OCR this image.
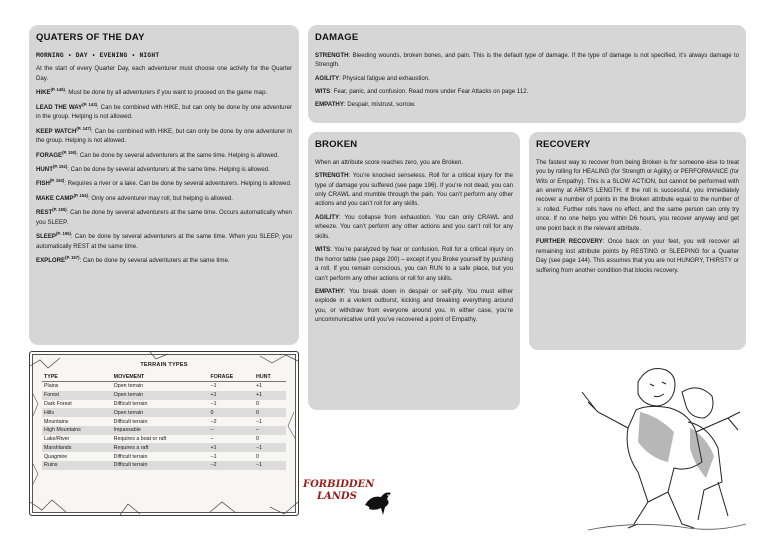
QUATERS OF THE DAY
MORNING • DAY • EVENING • NIGHT

At the start of every Quarter Day, each adventurer must choose one activity for the Quarter Day.

$HIKE^{(P. 146)}$: Must be done by all adventurers if you want to proceed on the game map.

LEAD THE $WAY^{(P. 143)}$: Can be combined with HIKE, but can only be done by one adventurer in the group. Helping is not allowed.

KEEP $WATCH^{(P. 147)}$: Can be combined with HIKE, but can only be done by one adventurer in the group. Helping is not allowed.

$FORAGE^{(P. 150)}$: Can be done by several adventurers at the same time. Helping is allowed.

$HUNT^{(P. 151)}$: Can be done by several adventurers at the same time. Helping is allowed.

$FISH^{(P. 153)}$: Requires a river or a lake. Can be done by several adventurers. Helping is allowed.

MAKE $CAMP^{(P. 154)}$: Only one adventurer may roll, but helping is allowed.

$REST^{(P. 155)}$: Can be done by several adventurers at the same time. Occurs automatically when you SLEEP.

$SLEEP^{(P. 156)}$: Can be done by several adventurers at the same time. When you SLEEP, you automatically REST at the same time.

$EXPLORE^{(P. 157)}$: Can be done by several adventurers at the same time.

DAMAGE

STRENGTH: Bleeding wounds, broken bones, and pain. This is the default type of damage. If the type of damage is not specified, it’s always damage to Strength.

AGILITY: Physical fatigue and exhaustion.

WITS: Fear, panic, and confusion. Read more under Fear Attacks on page 112.

EMPATHY: Despair, mistrust, sorrow.

BROKEN

When an attribute score reaches zero, you are Broken.

STRENGTH: You’re knocked senseless. Roll for a critical injury for the type of damage you suffered (see page 196). If you’re not dead, you can only CRAWL and mumble through the pain. You can’t perform any other actions and you can’t roll for any skills.

AGILITY: You collapse from exhaustion. You can only CRAWL and wheeze. You can’t perform any other actions and you can’t roll for any skills.

WITS: You’re paralyzed by fear or confusion. Roll for a critical injury on the horror table (see page 200) – except if you Broke yourself by pushing a roll. If you remain conscious, you can RUN to a safe place, but you can’t perform any other actions or roll for any skills.

EMPATHY: You break down in despair or self-pity. You must either explode in a violent outburst, kicking and breaking everything around you, or withdraw from everyone around you. In either case, you’re uncommunicative until you’ve recovered a point of Empathy.

RECOVERY

The fastest way to recover from being Broken is for someone else to treat you by rolling for HEALING (for Strength or Agility) or PERFORMANCE (for Wits or Empathy). This is a SLOW ACTION, but cannot be performed with an enemy at ARM’S LENGTH. If the roll is successful, you immediately recover a number of points in the Broken attribute equal to the number of ⚔ rolled. Further rolls have no effect, and the same person can only try once. If no one helps you within D6 hours, you recover anyway and get one point back in the relevant attribute.

FURTHER RECOVERY: Once back on your feet, you will recover all remaining lost attribute points by RESTING or SLEEPING for a Quarter Day (see page 144). This assumes that you are not HUNGRY, THIRSTY or suffering from another condition that blocks recovery.

TERRAIN TYPES
TYPE	MOVEMENT	FORAGE	HUNT
Plains	Open terrain	−1	+1
Forest	Open terrain	+1	+1
Dark Forest	Difficult terrain	−1	0
Hills	Open terrain	0	0
Mountains	Difficult terrain	−2	−1
High Mountains	Impassable	–	–
Lake/River	Requires a boat or raft	–	0
Marshlands	Requires a raft	+1	−1
Quagmire	Difficult terrain	−1	0
Ruins	Difficult terrain	−2	−1
FORBIDDEN
LANDS
